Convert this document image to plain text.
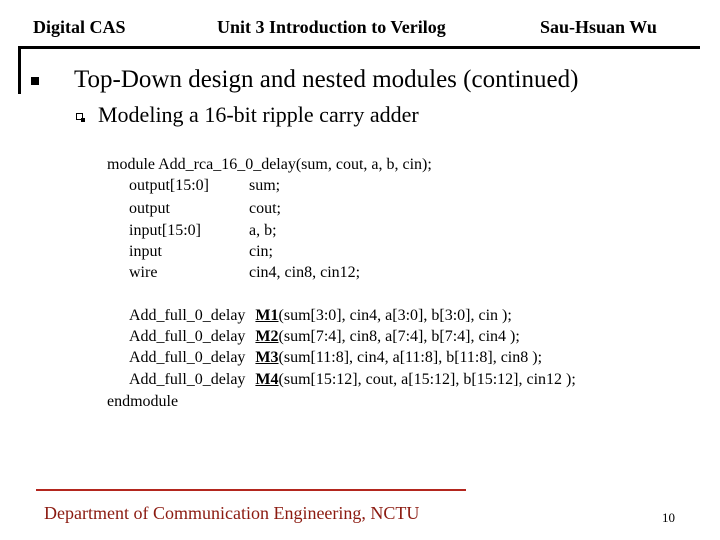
Digital CAS	Unit 3 Introduction to Verilog	Sau-Hsuan Wu
Top-Down design and nested modules (continued)
Modeling a 16-bit ripple carry adder
module Add_rca_16_0_delay(sum, cout, a, b, cin);
output[15:0]	sum;
output	cout;
input[15:0]	a, b;
input	cin;
wire	cin4, cin8, cin12;
Add_full_0_delay M1(sum[3:0], cin4, a[3:0], b[3:0], cin );
Add_full_0_delay M2(sum[7:4], cin8, a[7:4], b[7:4], cin4 );
Add_full_0_delay M3(sum[11:8], cin4, a[11:8], b[11:8], cin8 );
Add_full_0_delay M4(sum[15:12], cout, a[15:12], b[15:12], cin12 );
endmodule
Department of Communication Engineering, NCTU	10
